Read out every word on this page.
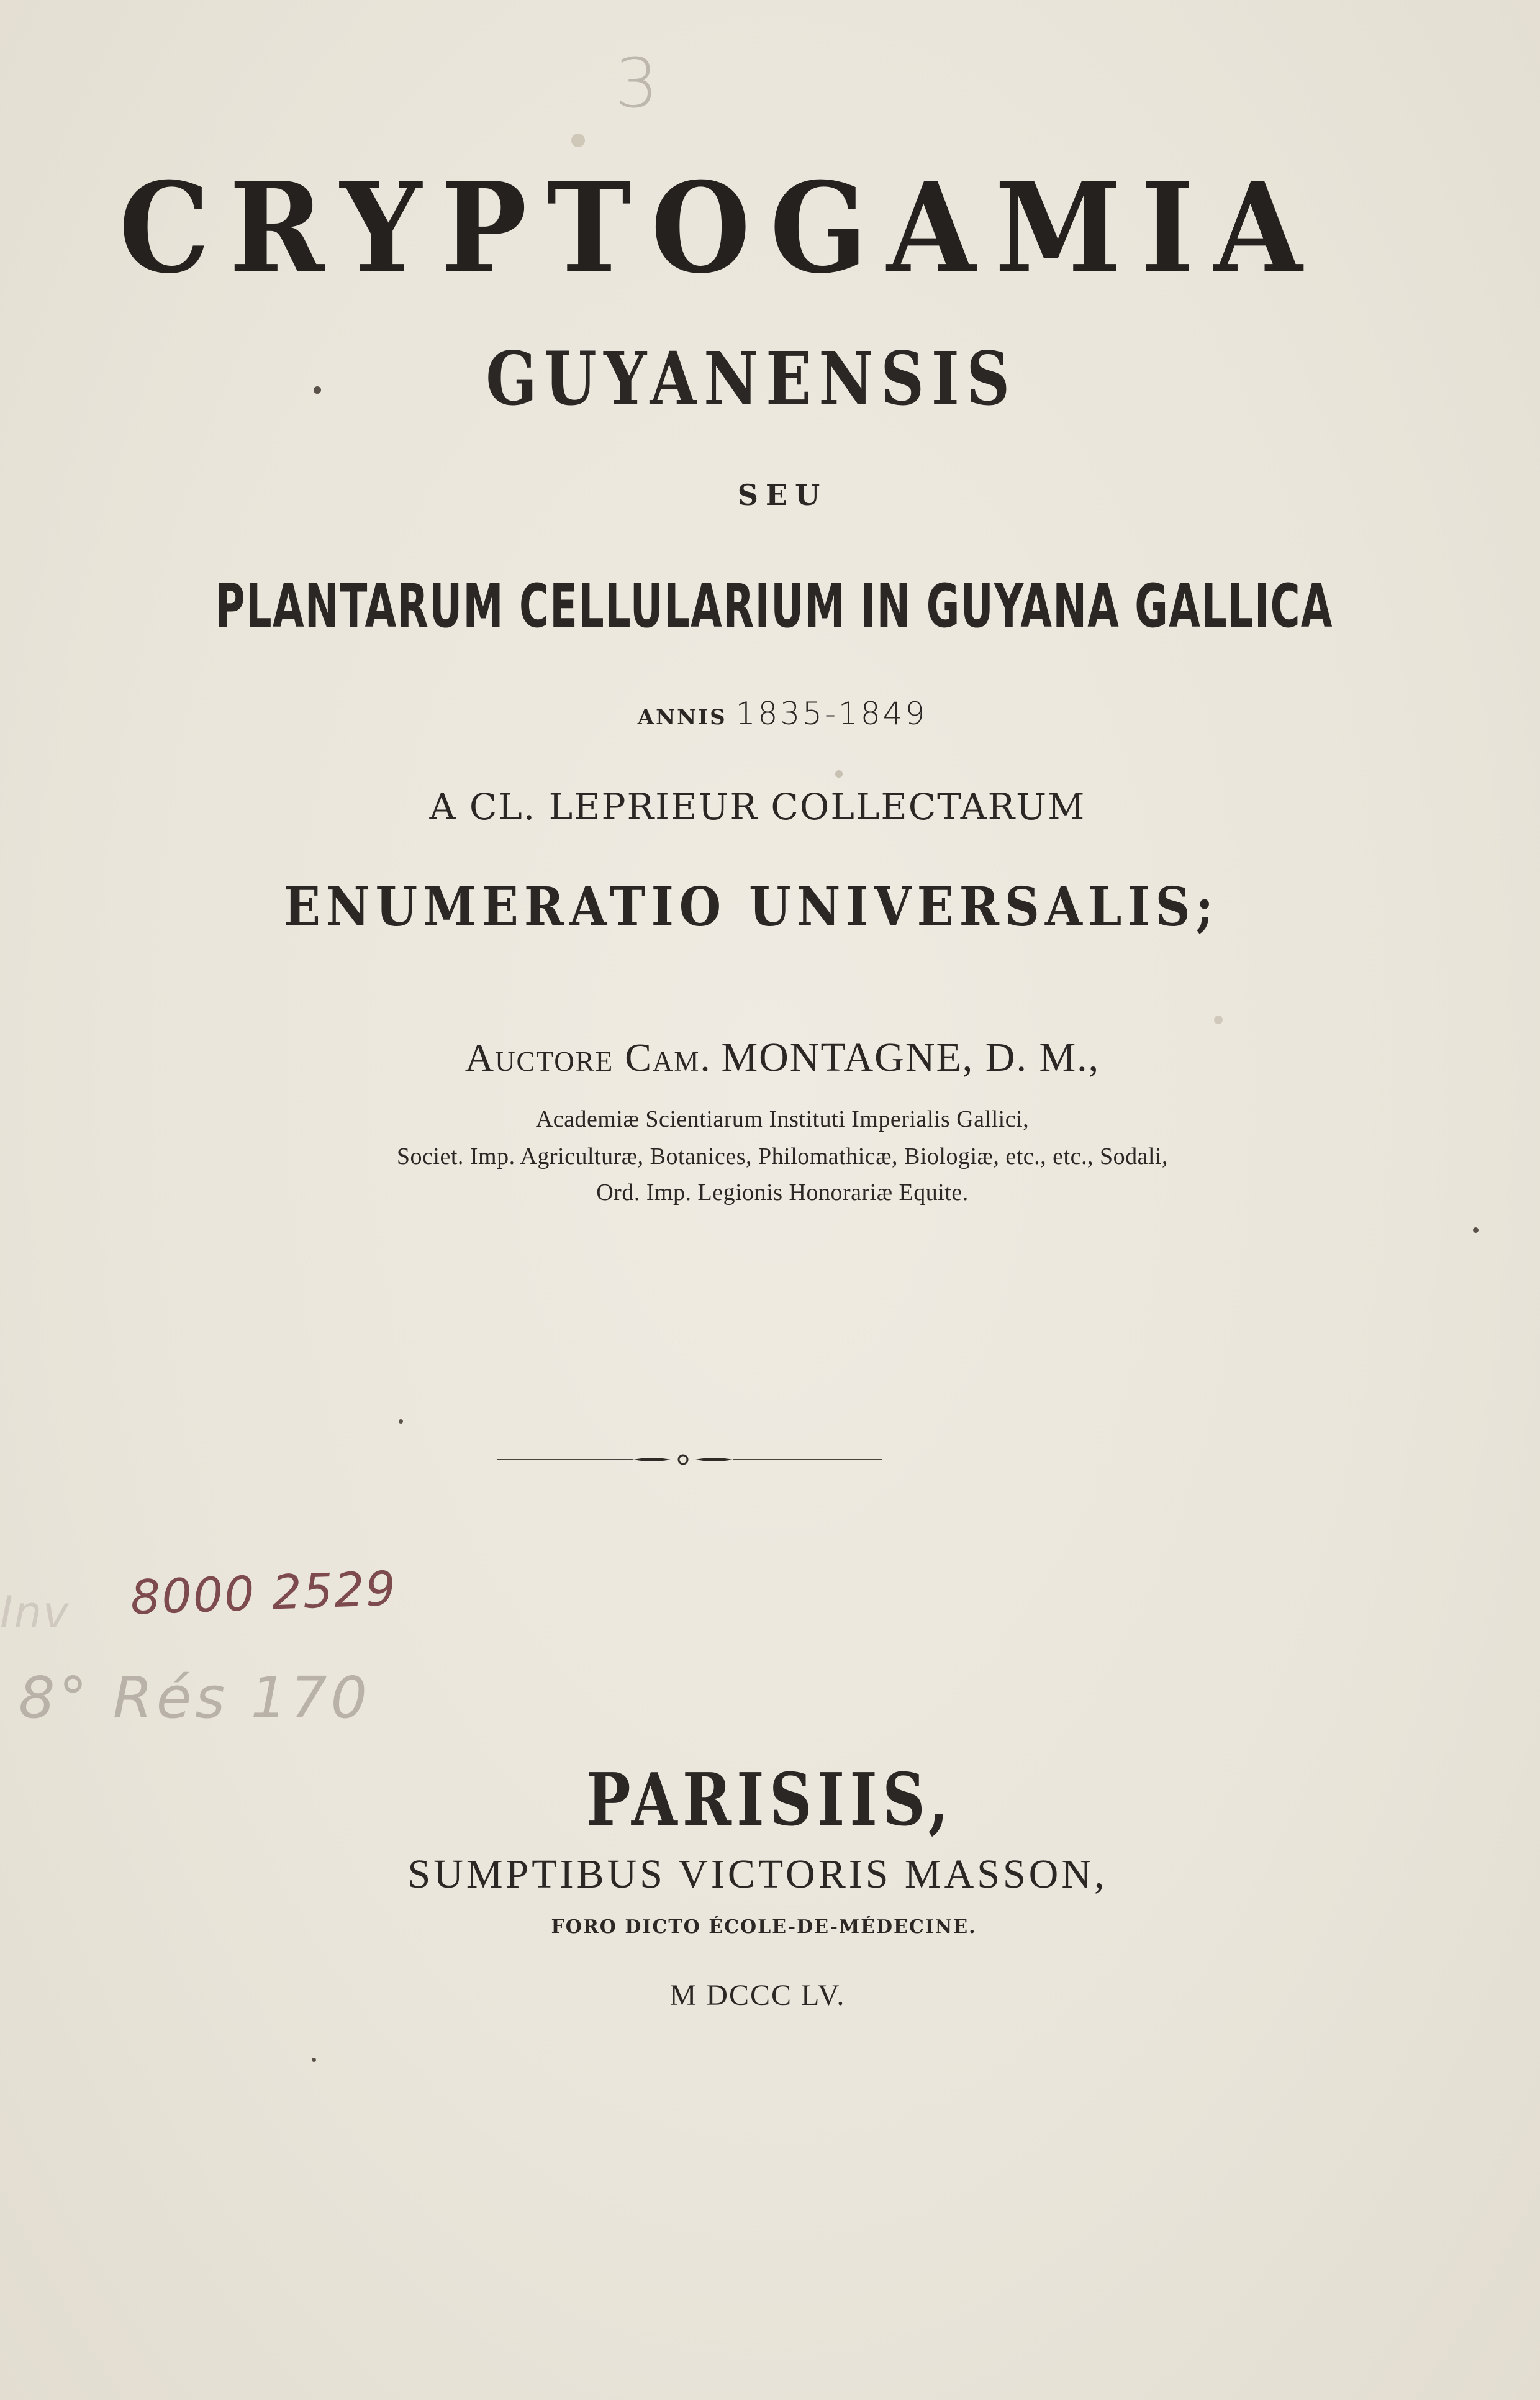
3
CRYPTOGAMIA
GUYANENSIS
SEU
PLANTARUM CELLULARIUM IN GUYANA GALLICA
ANNIS 1835-1849
A CL. LEPRIEUR COLLECTARUM
ENUMERATIO UNIVERSALIS;
Auctore Cam. MONTAGNE, D. M.,
Academiæ Scientiarum Instituti Imperialis Gallici,
Societ. Imp. Agriculturæ, Botanices, Philomathicæ, Biologiæ, etc., etc., Sodali,
Ord. Imp. Legionis Honorariæ Equite.
Inv 8000 2529
8° Rés 170
PARISIIS,
SUMPTIBUS VICTORIS MASSON,
FORO DICTO ÉCOLE-DE-MÉDECINE.
M DCCC LV.
